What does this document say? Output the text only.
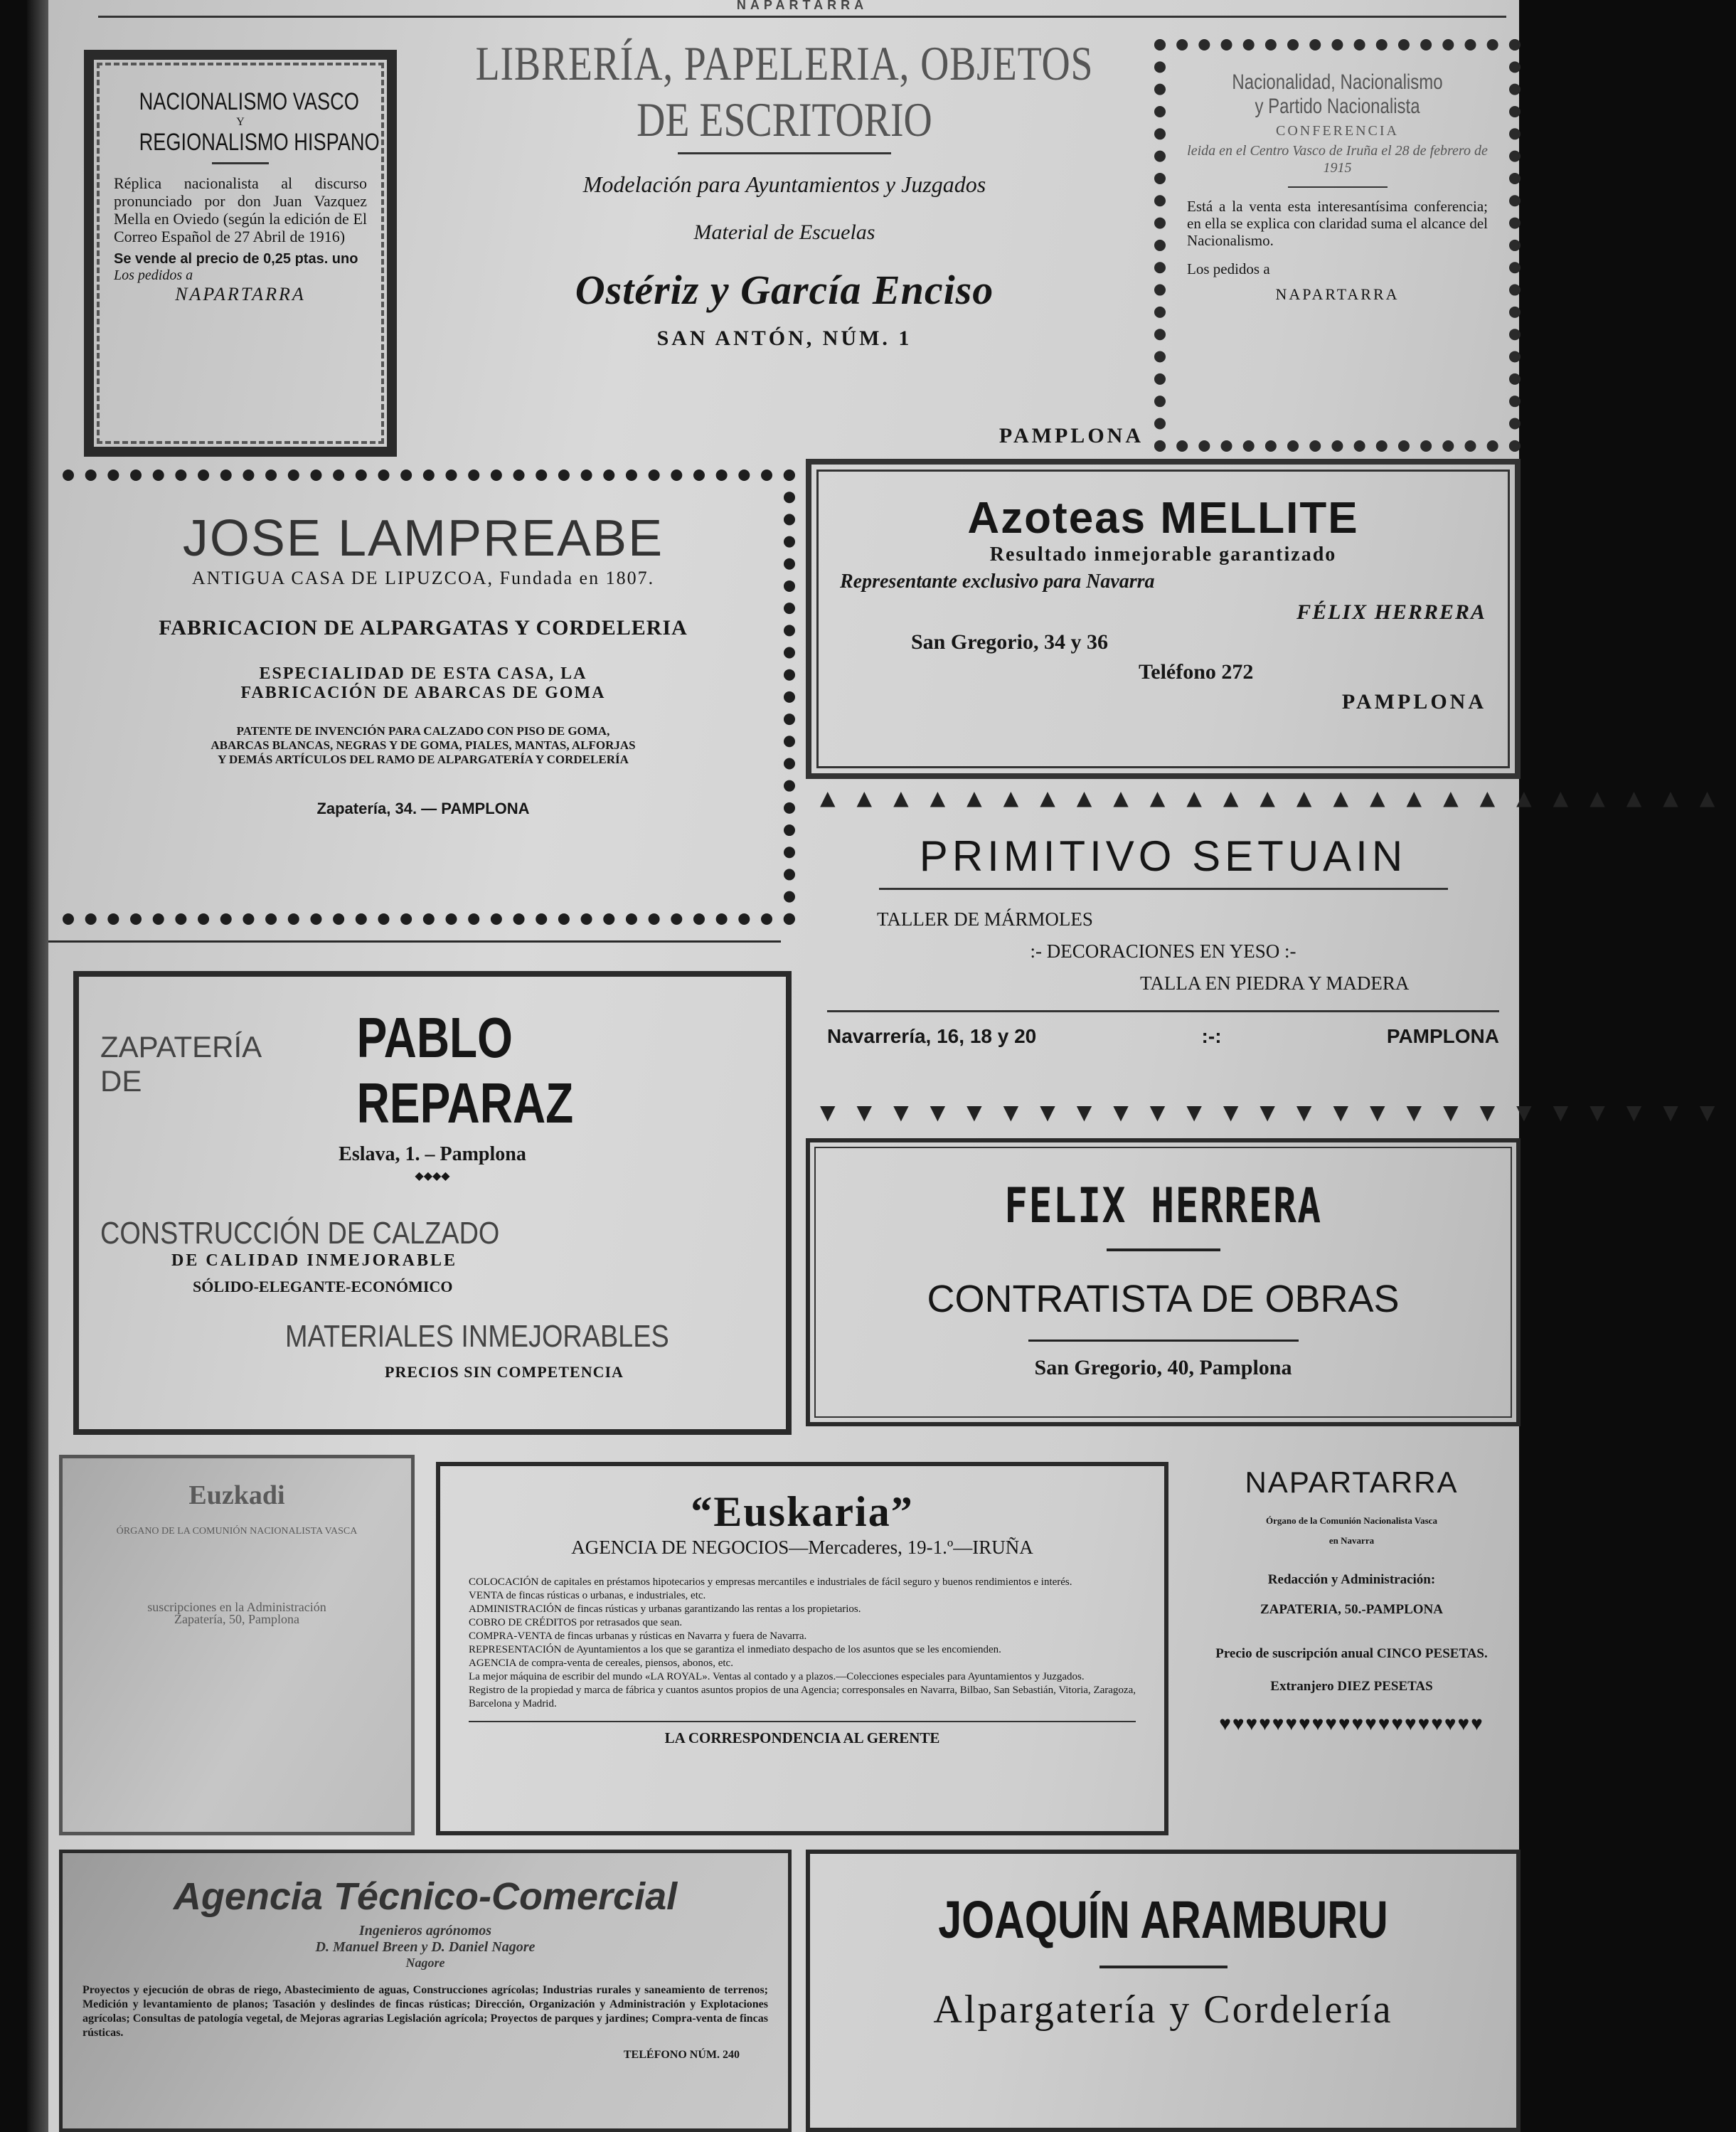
NAPARTARRA
NACIONALISMO VASCO
Y
REGIONALISMO HISPANO
Réplica nacionalista al discurso pronunciado por don Juan Vazquez Mella en Oviedo (según la edición de El Correo Español de 27 Abril de 1916)
Se vende al precio de 0,25 ptas. uno
Los pedidos a
NAPARTARRA
LIBRERÍA, PAPELERIA, OBJETOS
DE ESCRITORIO
Modelación para Ayuntamientos y Juzgados
Material de Escuelas
Ostériz y García Enciso
SAN ANTÓN, NÚM. 1
PAMPLONA
Nacionalidad, Nacionalismo
y Partido Nacionalista
CONFERENCIA
leida en el Centro Vasco de Iruña el 28 de febrero de 1915
Está a la venta esta interesantísima conferencia; en ella se explica con claridad suma el alcance del Nacionalismo.
Los pedidos a
NAPARTARRA
JOSE LAMPREABE
ANTIGUA CASA DE LIPUZCOA, Fundada en 1807.
FABRICACION DE ALPARGATAS Y CORDELERIA
ESPECIALIDAD DE ESTA CASA, LA
FABRICACIÓN DE ABARCAS DE GOMA
PATENTE DE INVENCIÓN PARA CALZADO CON PISO DE GOMA,
ABARCAS BLANCAS, NEGRAS Y DE GOMA, PIALES, MANTAS, ALFORJAS
Y DEMÁS ARTÍCULOS DEL RAMO DE ALPARGATERÍA Y CORDELERÍA
Zapatería, 34. — PAMPLONA
Azoteas MELLITE
Resultado inmejorable garantizado
Representante exclusivo para Navarra
FÉLIX HERRERA
San Gregorio, 34 y 36
Teléfono 272
PAMPLONA
▲▲▲▲▲▲▲▲▲▲▲▲▲▲▲▲▲▲▲▲▲▲▲▲▲
PRIMITIVO SETUAIN
TALLER DE MÁRMOLES
:- DECORACIONES EN YESO :-
TALLA EN PIEDRA Y MADERA
Navarrería, 16, 18 y 20	:-:	PAMPLONA
▼▼▼▼▼▼▼▼▼▼▼▼▼▼▼▼▼▼▼▼▼▼▼▼▼
ZAPATERÍA DE
PABLO REPARAZ
Eslava, 1. – Pamplona
◆◆◆◆
CONSTRUCCIÓN DE CALZADO
DE CALIDAD INMEJORABLE
SÓLIDO-ELEGANTE-ECONÓMICO
MATERIALES INMEJORABLES
PRECIOS SIN COMPETENCIA
FELIX HERRERA
CONTRATISTA DE OBRAS
San Gregorio, 40, Pamplona
Euzkadi
ÓRGANO DE LA COMUNIÓN NACIONALISTA VASCA
suscripciones en la Administración
Zapatería, 50, Pamplona
“Euskaria”
AGENCIA DE NEGOCIOS—Mercaderes, 19-1.º—IRUÑA
COLOCACIÓN de capitales en préstamos hipotecarios y empresas mercantiles e industriales de fácil seguro y buenos rendimientos e interés.
VENTA de fincas rústicas o urbanas, e industriales, etc.
ADMINISTRACIÓN de fincas rústicas y urbanas garantizando las rentas a los propietarios.
COBRO DE CRÉDITOS por retrasados que sean.
COMPRA-VENTA de fincas urbanas y rústicas en Navarra y fuera de Navarra.
REPRESENTACIÓN de Ayuntamientos a los que se garantiza el inmediato despacho de los asuntos que se les encomienden.
AGENCIA de compra-venta de cereales, piensos, abonos, etc.
La mejor máquina de escribir del mundo «LA ROYAL». Ventas al contado y a plazos.—Colecciones especiales para Ayuntamientos y Juzgados.
Registro de la propiedad y marca de fábrica y cuantos asuntos propios de una Agencia; corresponsales en Navarra, Bilbao, San Sebastián, Vitoria, Zaragoza, Barcelona y Madrid.
LA CORRESPONDENCIA AL GERENTE
NAPARTARRA
Órgano de la Comunión Nacionalista Vasca
en Navarra
Redacción y Administración:
ZAPATERIA, 50.-PAMPLONA
Precio de suscripción anual CINCO PESETAS. Extranjero DIEZ PESETAS
♥♥♥♥♥♥♥♥♥♥♥♥♥♥♥♥♥♥♥♥
Agencia Técnico-Comercial
Ingenieros agrónomos
D. Manuel Breen y D. Daniel Nagore
Nagore
Proyectos y ejecución de obras de riego, Abastecimiento de aguas, Construcciones agrícolas; Industrias rurales y saneamiento de terrenos; Medición y levantamiento de planos; Tasación y deslindes de fincas rústicas; Dirección, Organización y Administración y Explotaciones agrícolas; Consultas de patología vegetal, de Mejoras agrarias Legislación agrícola; Proyectos de parques y jardines; Compra-venta de fincas rústicas.
TELÉFONO NÚM. 240
JOAQUÍN ARAMBURU
Alpargatería y Cordelería
